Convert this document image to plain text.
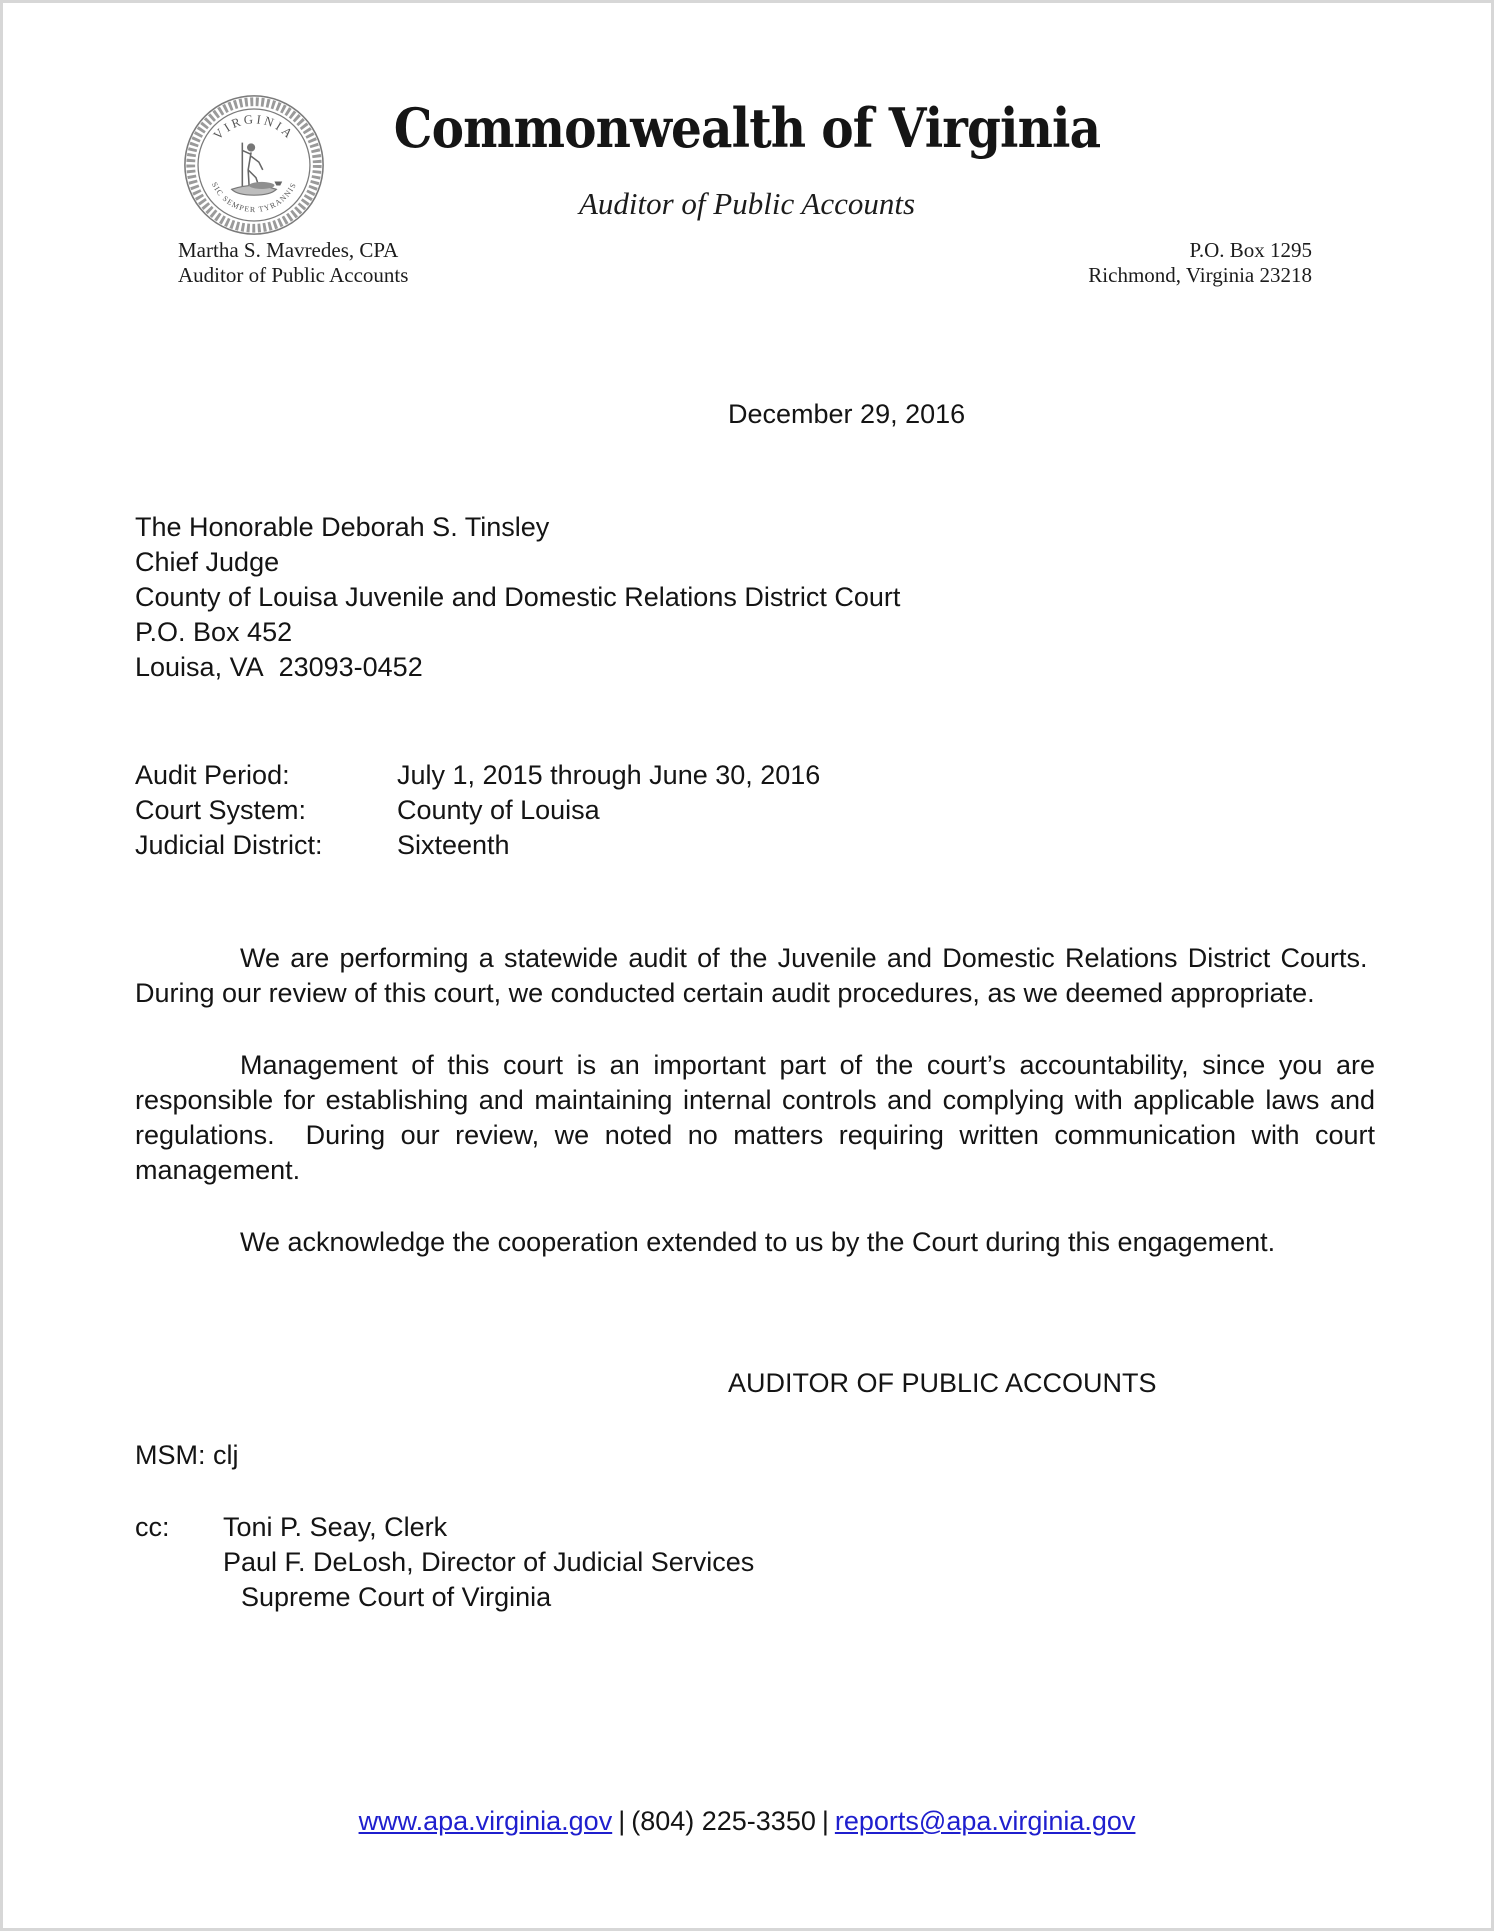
VIRGINIA
SIC SEMPER TYRANNIS
Commonwealth of Virginia
Auditor of Public Accounts
Martha S. Mavredes, CPA
Auditor of Public Accounts
P.O. Box 1295
Richmond, Virginia 23218
December 29, 2016
The Honorable Deborah S. Tinsley
Chief Judge
County of Louisa Juvenile and Domestic Relations District Court
P.O. Box 452
Louisa, VA  23093-0452
Audit Period:	July 1, 2015 through June 30, 2016
Court System:	County of Louisa
Judicial District:	Sixteenth
We are performing a statewide audit of the Juvenile and Domestic Relations District Courts.  During our review of this court, we conducted certain audit procedures, as we deemed appropriate.
Management of this court is an important part of the court’s accountability, since you are responsible for establishing and maintaining internal controls and complying with applicable laws and regulations.  During our review, we noted no matters requiring written communication with court management.
We acknowledge the cooperation extended to us by the Court during this engagement.
AUDITOR OF PUBLIC ACCOUNTS
MSM: clj
cc:	Toni P. Seay, Clerk
Paul F. DeLosh, Director of Judicial Services
Supreme Court of Virginia
www.apa.virginia.gov | (804) 225-3350 | reports@apa.virginia.gov
